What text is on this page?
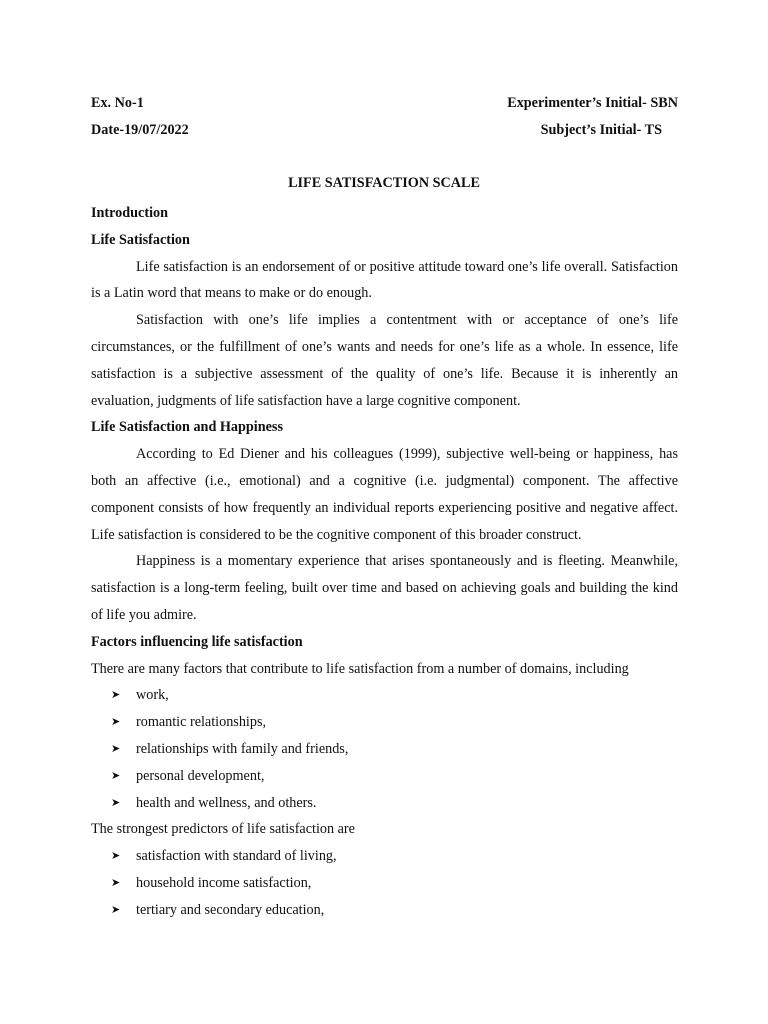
Ex. No-1	Experimenter’s Initial- SBN
Date-19/07/2022	Subject’s Initial- TS
LIFE SATISFACTION SCALE

Introduction

Life Satisfaction

Life satisfaction is an endorsement of or positive attitude toward one’s life overall. Satisfaction is a Latin word that means to make or do enough.

Satisfaction with one’s life implies a contentment with or acceptance of one’s life circumstances, or the fulfillment of one’s wants and needs for one’s life as a whole. In essence, life satisfaction is a subjective assessment of the quality of one’s life. Because it is inherently an evaluation, judgments of life satisfaction have a large cognitive component.

Life Satisfaction and Happiness

According to Ed Diener and his colleagues (1999), subjective well-being or happiness, has both an affective (i.e., emotional) and a cognitive (i.e. judgmental) component. The affective component consists of how frequently an individual reports experiencing positive and negative affect. Life satisfaction is considered to be the cognitive component of this broader construct.

Happiness is a momentary experience that arises spontaneously and is fleeting. Meanwhile, satisfaction is a long-term feeling, built over time and based on achieving goals and building the kind of life you admire.

Factors influencing life satisfaction

There are many factors that contribute to life satisfaction from a number of domains, including

➤ work,
➤ romantic relationships,
➤ relationships with family and friends,
➤ personal development,
➤ health and wellness, and others.

The strongest predictors of life satisfaction are

➤ satisfaction with standard of living,
➤ household income satisfaction,
➤ tertiary and secondary education,
